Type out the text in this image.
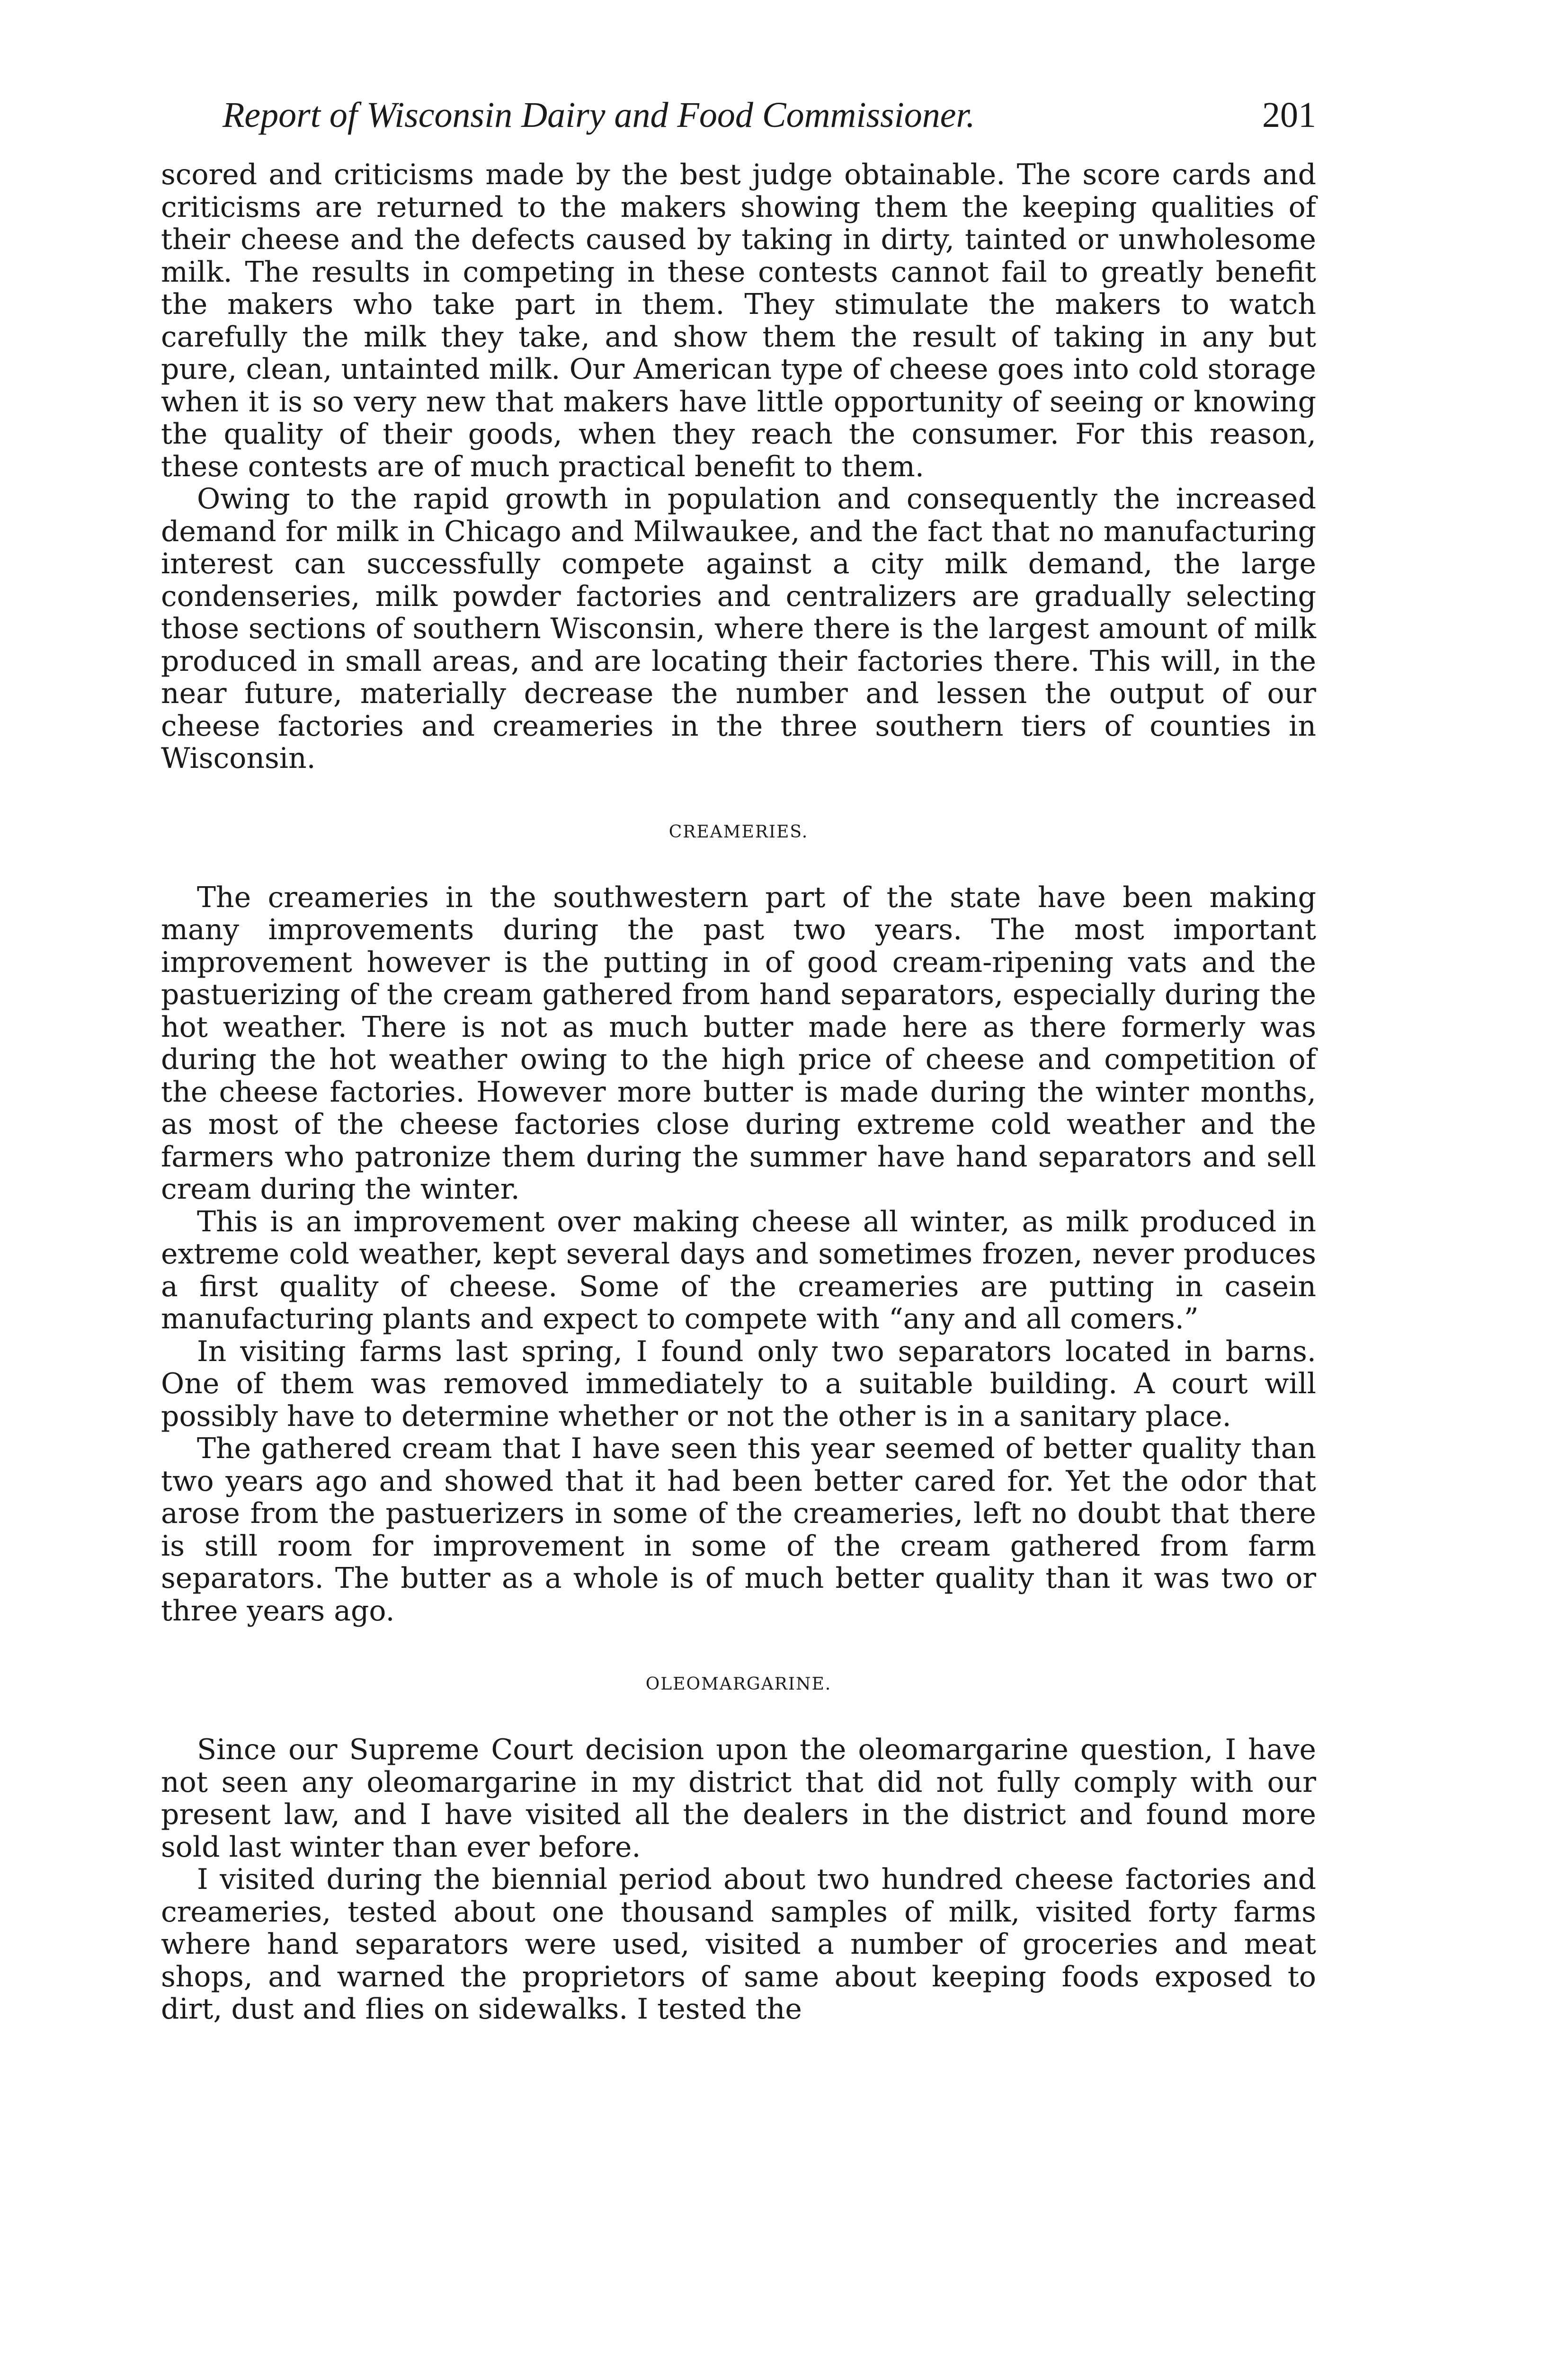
Report of Wisconsin Dairy and Food Commissioner.	201

scored and criticisms made by the best judge obtainable. The score cards and criticisms are returned to the makers showing them the keeping qualities of their cheese and the defects caused by taking in dirty, tainted or unwholesome milk. The results in competing in these contests cannot fail to greatly benefit the makers who take part in them. They stimulate the makers to watch carefully the milk they take, and show them the result of taking in any but pure, clean, untainted milk. Our American type of cheese goes into cold storage when it is so very new that makers have little opportunity of seeing or knowing the quality of their goods, when they reach the consumer. For this reason, these contests are of much practical benefit to them.

Owing to the rapid growth in population and consequently the increased demand for milk in Chicago and Milwaukee, and the fact that no manufacturing interest can successfully compete against a city milk demand, the large condenseries, milk powder factories and centralizers are gradually selecting those sections of southern Wisconsin, where there is the largest amount of milk produced in small areas, and are locating their factories there. This will, in the near future, materially decrease the number and lessen the output of our cheese factories and creameries in the three southern tiers of counties in Wisconsin.

CREAMERIES.

The creameries in the southwestern part of the state have been making many improvements during the past two years. The most important improvement however is the putting in of good cream-ripening vats and the pastuerizing of the cream gathered from hand separators, especially during the hot weather. There is not as much butter made here as there formerly was during the hot weather owing to the high price of cheese and competition of the cheese factories. However more butter is made during the winter months, as most of the cheese factories close during extreme cold weather and the farmers who patronize them during the summer have hand separators and sell cream during the winter.

This is an improvement over making cheese all winter, as milk produced in extreme cold weather, kept several days and sometimes frozen, never produces a first quality of cheese. Some of the creameries are putting in casein manufacturing plants and expect to compete with “any and all comers.”

In visiting farms last spring, I found only two separators located in barns. One of them was removed immediately to a suitable building. A court will possibly have to determine whether or not the other is in a sanitary place.

The gathered cream that I have seen this year seemed of better quality than two years ago and showed that it had been better cared for. Yet the odor that arose from the pastuerizers in some of the creameries, left no doubt that there is still room for improvement in some of the cream gathered from farm separators. The butter as a whole is of much better quality than it was two or three years ago.

OLEOMARGARINE.

Since our Supreme Court decision upon the oleomargarine question, I have not seen any oleomargarine in my district that did not fully comply with our present law, and I have visited all the dealers in the district and found more sold last winter than ever before.

I visited during the biennial period about two hundred cheese factories and creameries, tested about one thousand samples of milk, visited forty farms where hand separators were used, visited a number of groceries and meat shops, and warned the proprietors of same about keeping foods exposed to dirt, dust and flies on sidewalks. I tested the
